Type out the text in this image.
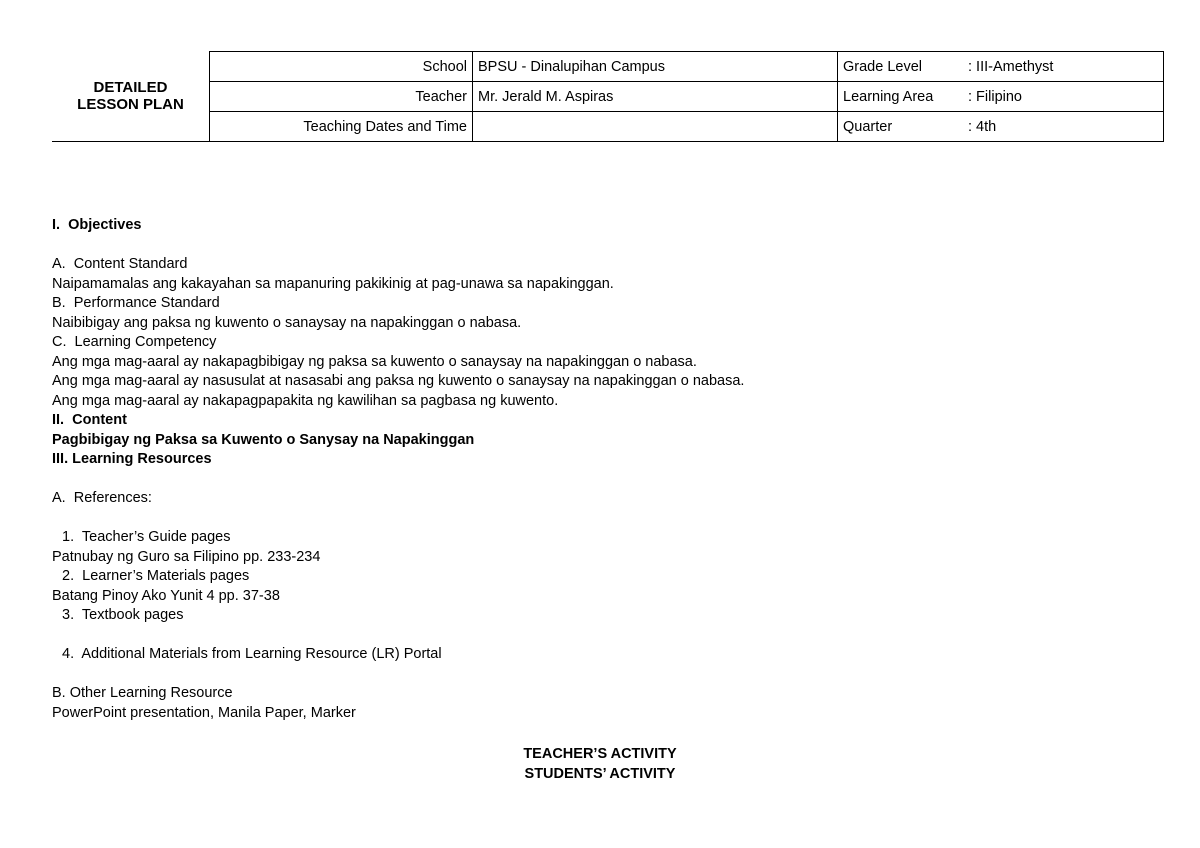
DETAILED
LESSON PLAN
School	BPSU - Dinalupihan Campus	Grade Level : III-Amethyst
Teacher	Mr. Jerald M. Aspiras	Learning Area : Filipino
Teaching Dates and Time		Quarter : 4th
I.  Objectives
A.  Content Standard
Naipamamalas ang kakayahan sa mapanuring pakikinig at pag-unawa sa napakinggan.
B.  Performance Standard
Naibibigay ang paksa ng kuwento o sanaysay na napakinggan o nabasa.
C.  Learning Competency
Ang mga mag-aaral ay nakapagbibigay ng paksa sa kuwento o sanaysay na napakinggan o nabasa.
Ang mga mag-aaral ay nasusulat at nasasabi ang paksa ng kuwento o sanaysay na napakinggan o nabasa.
Ang mga mag-aaral ay nakapagpapakita ng kawilihan sa pagbasa ng kuwento.
II.  Content
Pagbibigay ng Paksa sa Kuwento o Sanysay na Napakinggan
III. Learning Resources
A.  References:
1.  Teacher’s Guide pages
Patnubay ng Guro sa Filipino pp. 233-234
2.  Learner’s Materials pages
Batang Pinoy Ako Yunit 4 pp. 37-38
3.  Textbook pages
4.  Additional Materials from Learning Resource (LR) Portal
B. Other Learning Resource
PowerPoint presentation, Manila Paper, Marker
TEACHER’S ACTIVITY
STUDENTS’ ACTIVITY
